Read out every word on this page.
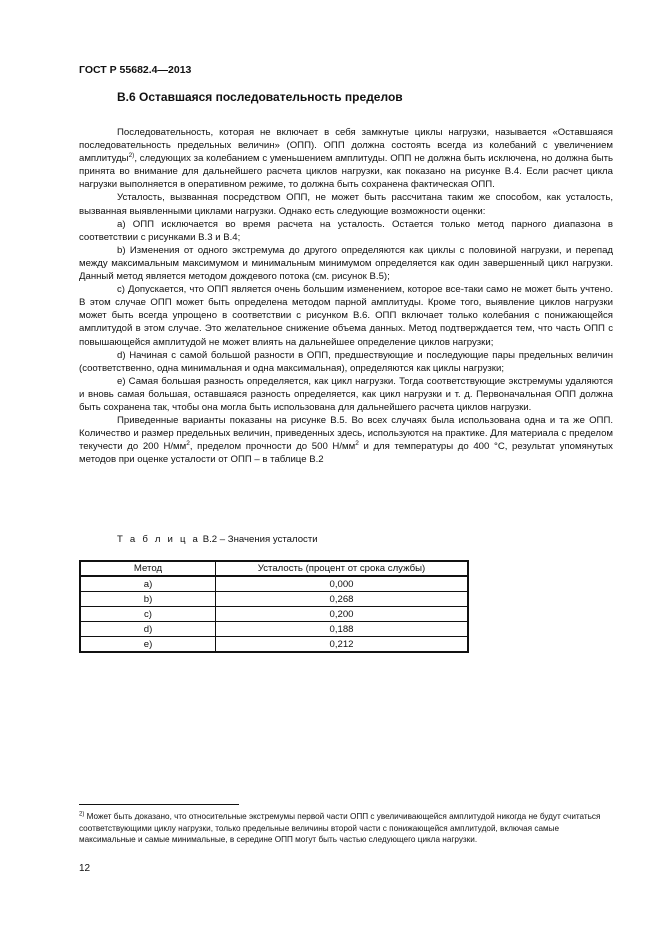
ГОСТ Р 55682.4—2013
В.6 Оставшаяся последовательность пределов

Последовательность, которая не включает в себя замкнутые циклы нагрузки, называется «Оставшаяся последовательность предельных величин» (ОПП). ОПП должна состоять всегда из колебаний с увеличением амплитуды$^{2)}$, следующих за колебанием с уменьшением амплитуды. ОПП не должна быть исключена, но должна быть принята во внимание для дальнейшего расчета циклов нагрузки, как показано на рисунке В.4. Если расчет цикла нагрузки выполняется в оперативном режиме, то должна быть сохранена фактическая ОПП.

Усталость, вызванная посредством ОПП, не может быть рассчитана таким же способом, как усталость, вызванная выявленными циклами нагрузки. Однако есть следующие возможности оценки:

а) ОПП исключается во время расчета на усталость. Остается только метод парного диапазона в соответствии с рисунками В.3 и В.4;

b) Изменения от одного экстремума до другого определяются как циклы с половиной нагрузки, и перепад между максимальным максимумом и минимальным минимумом определяется как один завершенный цикл нагрузки. Данный метод является методом дождевого потока (см. рисунок В.5);

с) Допускается, что ОПП является очень большим изменением, которое все-таки само не может быть учтено. В этом случае ОПП может быть определена методом парной амплитуды. Кроме того, выявление циклов нагрузки может быть всегда упрощено в соответствии с рисунком В.6. ОПП включает только колебания с понижающейся амплитудой в этом случае. Это желательное снижение объема данных. Метод подтверждается тем, что часть ОПП с повышающейся амплитудой не может влиять на дальнейшее определение циклов нагрузки;

d) Начиная с самой большой разности в ОПП, предшествующие и последующие пары предельных величин (соответственно, одна минимальная и одна максимальная), определяются как циклы нагрузки;

е) Самая большая разность определяется, как цикл нагрузки. Тогда соответствующие экстремумы удаляются и вновь самая большая, оставшаяся разность определяется, как цикл нагрузки и т. д. Первоначальная ОПП должна быть сохранена так, чтобы она могла быть использована для дальнейшего расчета циклов нагрузки.

Приведенные варианты показаны на рисунке В.5. Во всех случаях была использована одна и та же ОПП. Количество и размер предельных величин, приведенных здесь, используются на практике. Для материала с пределом текучести до 200 $Н/мм^2$, пределом прочности до 500 $Н/мм^2$ и для температуры до 400 °С, результат упомянутых методов при оценке усталости от ОПП – в таблице В.2

Т а б л и ц а В.2 – Значения усталости
Метод	Усталость (процент от срока службы)
a)	0,000
b)	0,268
c)	0,200
d)	0,188
e)	0,212
$^{2)}$ Может быть доказано, что относительные экстремумы первой части ОПП с увеличивающейся амплитудой никогда не будут считаться соответствующими циклу нагрузки, только предельные величины второй части с понижающейся амплитудой, включая самые максимальные и самые минимальные, в середине ОПП могут быть частью следующего цикла нагрузки.
12
